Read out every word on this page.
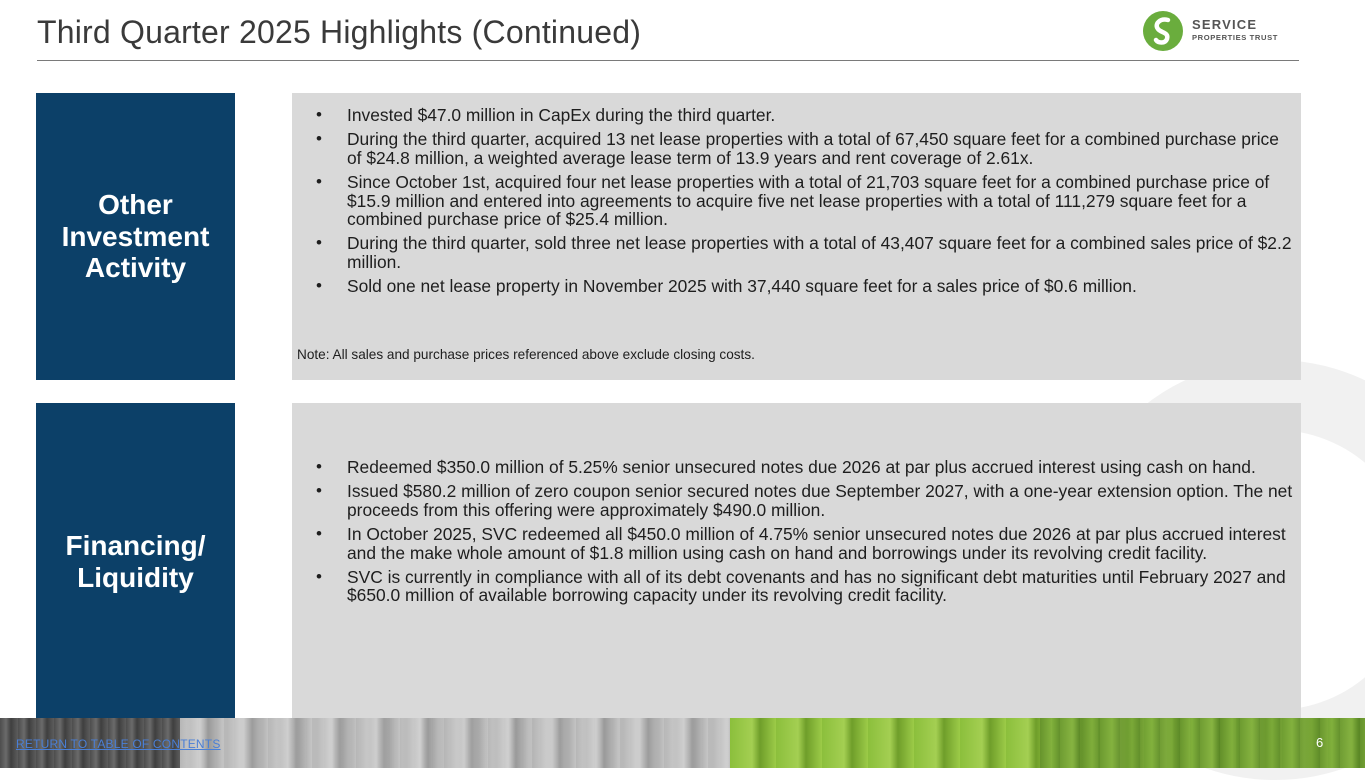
Third Quarter 2025 Highlights (Continued)	SERVICE
PROPERTIES TRUST
Other
Investment
Activity
• Invested $47.0 million in CapEx during the third quarter.
• During the third quarter, acquired 13 net lease properties with a total of 67,450 square feet for a combined purchase price of $24.8 million, a weighted average lease term of 13.9 years and rent coverage of 2.61x.
• Since October 1st, acquired four net lease properties with a total of 21,703 square feet for a combined purchase price of $15.9 million and entered into agreements to acquire five net lease properties with a total of 111,279 square feet for a combined purchase price of $25.4 million.
• During the third quarter, sold three net lease properties with a total of 43,407 square feet for a combined sales price of $2.2 million.
• Sold one net lease property in November 2025 with 37,440 square feet for a sales price of $0.6 million.
Note: All sales and purchase prices referenced above exclude closing costs.
Financing/
Liquidity
• Redeemed $350.0 million of 5.25% senior unsecured notes due 2026 at par plus accrued interest using cash on hand.
• Issued $580.2 million of zero coupon senior secured notes due September 2027, with a one-year extension option. The net proceeds from this offering were approximately $490.0 million.
• In October 2025, SVC redeemed all $450.0 million of 4.75% senior unsecured notes due 2026 at par plus accrued interest and the make whole amount of $1.8 million using cash on hand and borrowings under its revolving credit facility.
• SVC is currently in compliance with all of its debt covenants and has no significant debt maturities until February 2027 and $650.0 million of available borrowing capacity under its revolving credit facility.
RETURN TO TABLE OF CONTENTS	6
